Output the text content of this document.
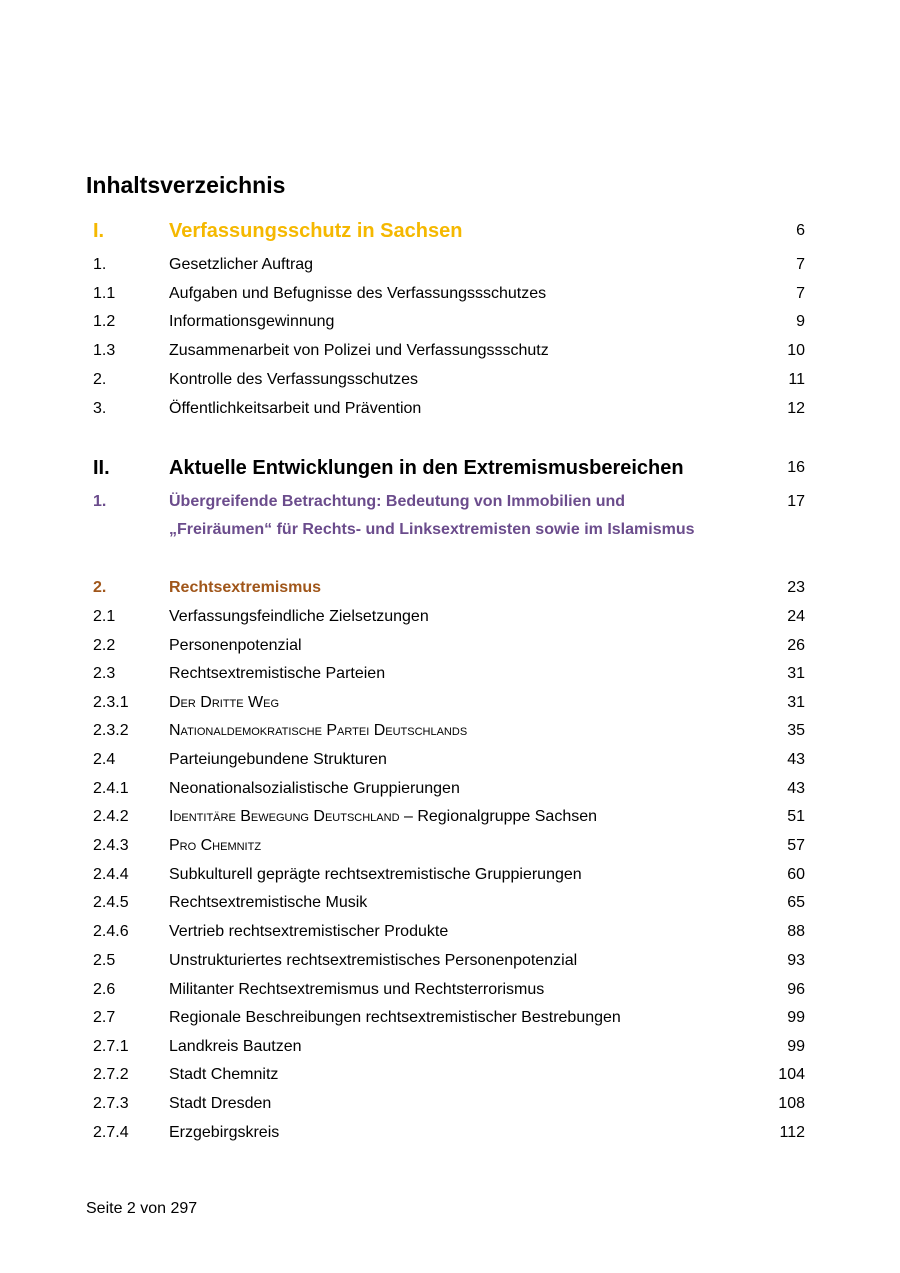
Inhaltsverzeichnis
I.	Verfassungsschutz in Sachsen	6
1.	Gesetzlicher Auftrag	7
1.1	Aufgaben und Befugnisse des Verfassungssschutzes	7
1.2	Informationsgewinnung	9
1.3	Zusammenarbeit von Polizei und Verfassungssschutz	10
2.	Kontrolle des Verfassungsschutzes	11
3.	Öffentlichkeitsarbeit und Prävention	12
II.	Aktuelle Entwicklungen in den Extremismusbereichen	16
1.	Übergreifende Betrachtung: Bedeutung von Immobilien und	17
„Freiräumen“ für Rechts- und Linksextremisten sowie im Islamismus
2.	Rechtsextremismus	23
2.1	Verfassungsfeindliche Zielsetzungen	24
2.2	Personenpotenzial	26
2.3	Rechtsextremistische Parteien	31
2.3.1	Der Dritte Weg	31
2.3.2	Nationaldemokratische Partei Deutschlands	35
2.4	Parteiungebundene Strukturen	43
2.4.1	Neonationalsozialistische Gruppierungen	43
2.4.2	Identitäre Bewegung Deutschland – Regionalgruppe Sachsen	51
2.4.3	Pro Chemnitz	57
2.4.4	Subkulturell geprägte rechtsextremistische Gruppierungen	60
2.4.5	Rechtsextremistische Musik	65
2.4.6	Vertrieb rechtsextremistischer Produkte	88
2.5	Unstrukturiertes rechtsextremistisches Personenpotenzial	93
2.6	Militanter Rechtsextremismus und Rechtsterrorismus	96
2.7	Regionale Beschreibungen rechtsextremistischer Bestrebungen	99
2.7.1	Landkreis Bautzen	99
2.7.2	Stadt Chemnitz	104
2.7.3	Stadt Dresden	108
2.7.4	Erzgebirgskreis	112
Seite 2 von 297
